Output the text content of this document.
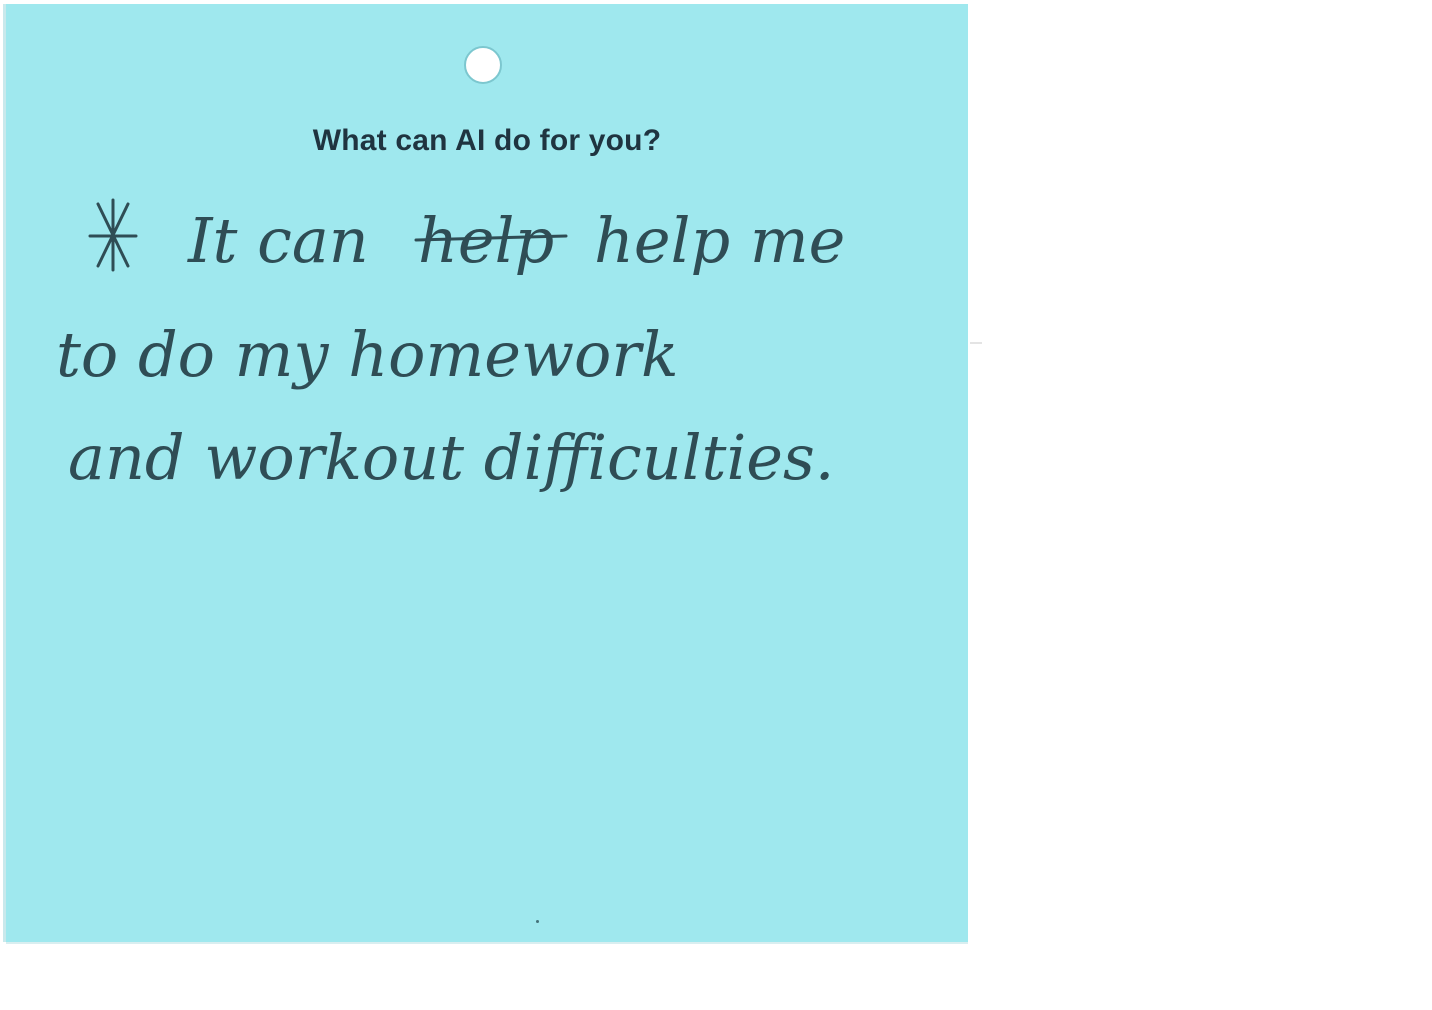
What can AI do for you?
It can help help me
to do my homework
and workout difficulties.
